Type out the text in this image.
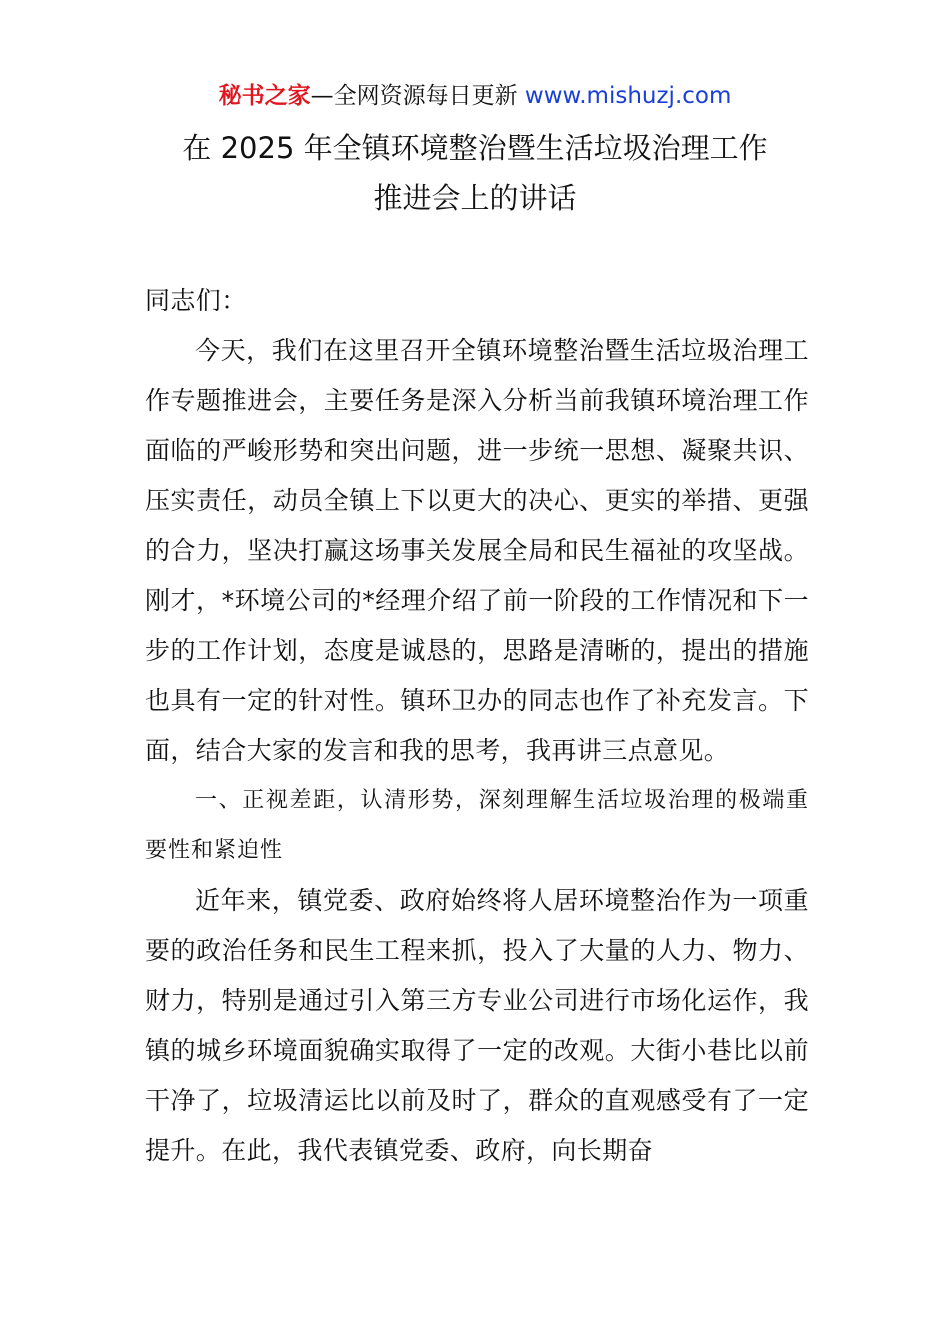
秘书之家—全网资源每日更新 www.mishuzj.com
在 2025 年全镇环境整治暨生活垃圾治理工作
推进会上的讲话

同志们：

今天，我们在这里召开全镇环境整治暨生活垃圾治理工作专题推进会，主要任务是深入分析当前我镇环境治理工作面临的严峻形势和突出问题，进一步统一思想、凝聚共识、压实责任，动员全镇上下以更大的决心、更实的举措、更强的合力，坚决打赢这场事关发展全局和民生福祉的攻坚战。刚才，*环境公司的*经理介绍了前一阶段的工作情况和下一步的工作计划，态度是诚恳的，思路是清晰的，提出的措施也具有一定的针对性。镇环卫办的同志也作了补充发言。下面，结合大家的发言和我的思考，我再讲三点意见。

一、正视差距，认清形势，深刻理解生活垃圾治理的极端重要性和紧迫性

近年来，镇党委、政府始终将人居环境整治作为一项重要的政治任务和民生工程来抓，投入了大量的人力、物力、财力，特别是通过引入第三方专业公司进行市场化运作，我镇的城乡环境面貌确实取得了一定的改观。大街小巷比以前干净了，垃圾清运比以前及时了，群众的直观感受有了一定提升。在此，我代表镇党委、政府，向长期奋
